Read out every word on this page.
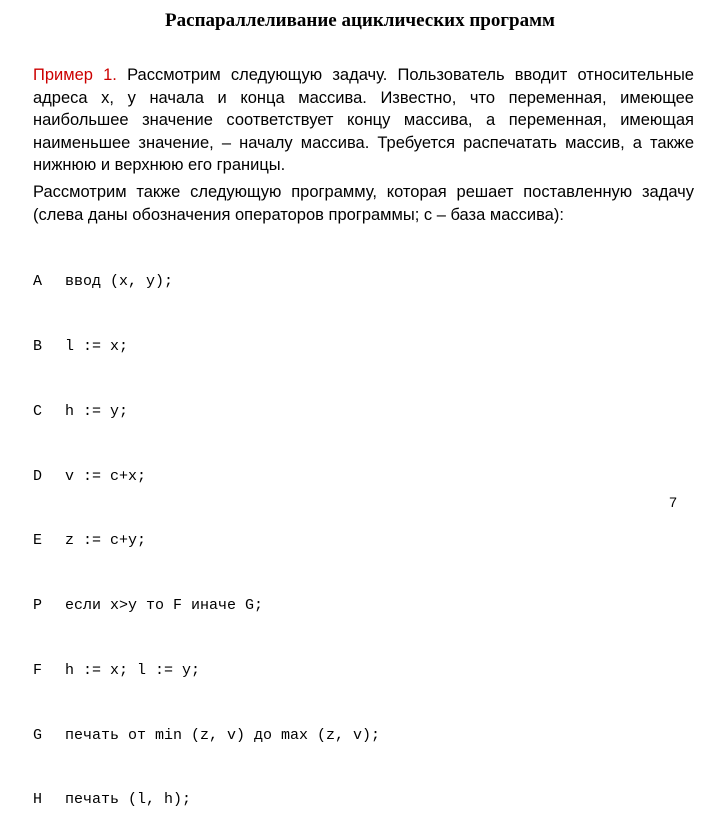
Распараллеливание ациклических программ

Пример 1. Рассмотрим следующую задачу. Пользователь вводит относительные адреса x, y начала и конца массива. Известно, что переменная, имеющее наибольшее значение соответствует концу массива, а переменная, имеющая наименьшее значение, – началу массива. Требуется распечатать массив, а также нижнюю и верхнюю его границы.

Рассмотрим также следующую программу, которая решает поставленную задачу (слева даны обозначения операторов программы; c – база массива):

A ввод (x, y);

B l := x;

C h := y;

D v := c+x;

E z := c+y;

P если x>y то F иначе G;

F h := x; l := y;

G печать от min (z, v) до max (z, v);

H печать (l, h);

7
